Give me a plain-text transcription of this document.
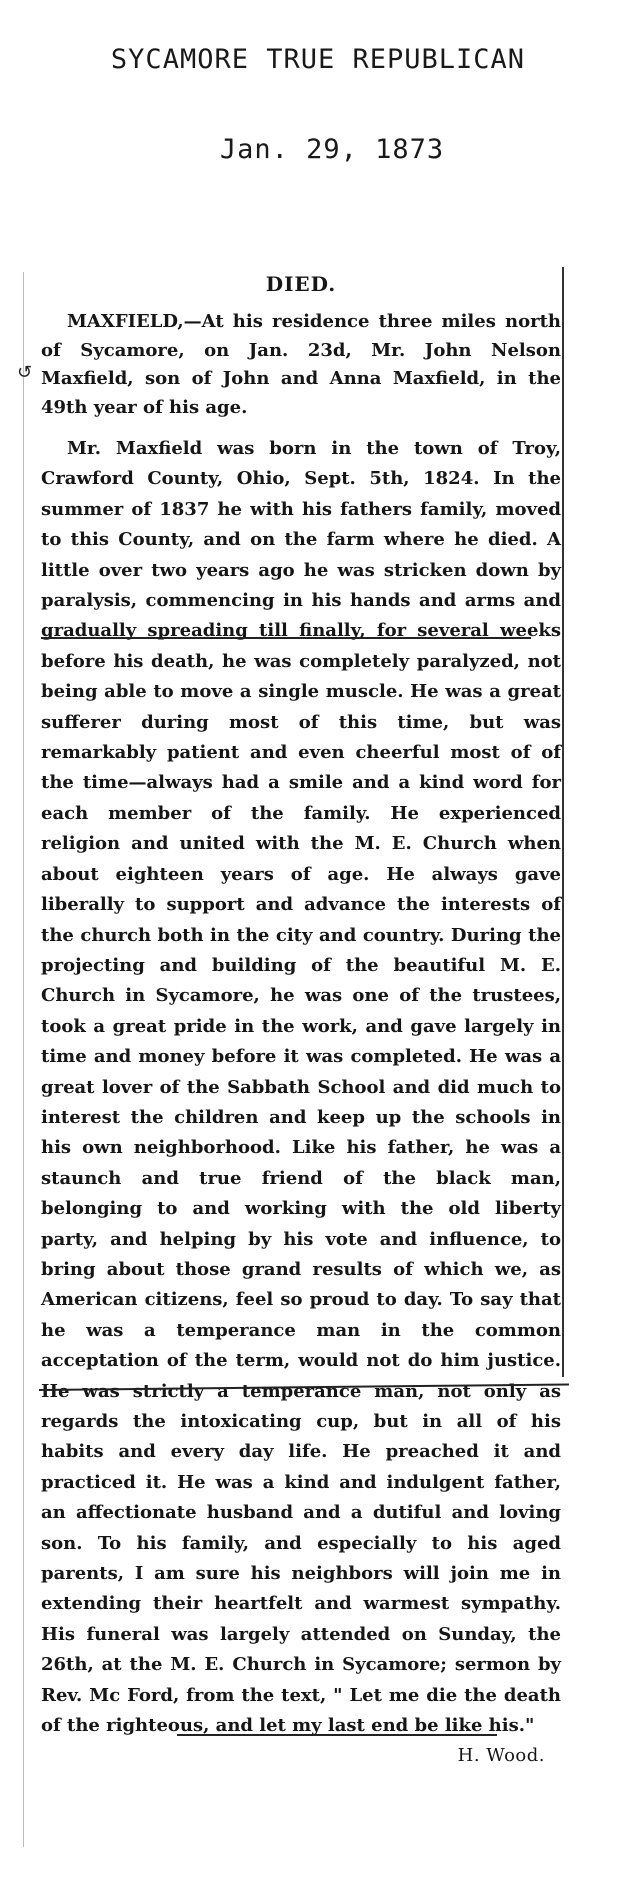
SYCAMORE TRUE REPUBLICAN
Jan. 29, 1873
DIED.

MAXFIELD,—At his residence three miles north of Sycamore, on Jan. 23d, Mr. John Nelson Maxfield, son of John and Anna Maxfield, in the 49th year of his age.

Mr. Maxfield was born in the town of Troy, Crawford County, Ohio, Sept. 5th, 1824. In the summer of 1837 he with his fathers family, moved to this County, and on the farm where he died. A little over two years ago he was stricken down by paralysis, commencing in his hands and arms and gradually spreading till finally, for several weeks before his death, he was completely paralyzed, not being able to move a single muscle. He was a great sufferer during most of this time, but was remarkably patient and even cheerful most of of the time—always had a smile and a kind word for each member of the family. He experienced religion and united with the M. E. Church when about eighteen years of age. He always gave liberally to support and advance the interests of the church both in the city and country. During the projecting and building of the beautiful M. E. Church in Sycamore, he was one of the trustees, took a great pride in the work, and gave largely in time and money before it was completed. He was a great lover of the Sabbath School and did much to interest the children and keep up the schools in his own neighborhood. Like his father, he was a staunch and true friend of the black man, belonging to and working with the old liberty party, and helping by his vote and influence, to bring about those grand results of which we, as American citizens, feel so proud to day. To say that he was a temperance man in the common acceptation of the term, would not do him justice. He was strictly a temperance man, not only as regards the intoxicating cup, but in all of his habits and every day life. He preached it and practiced it. He was a kind and indulgent father, an affectionate husband and a dutiful and loving son. To his family, and especially to his aged parents, I am sure his neighbors will join me in extending their heartfelt and warmest sympathy. His funeral was largely attended on Sunday, the 26th, at the M. E. Church in Sycamore; sermon by Rev. Mc Ford, from the text, " Let me die the death of the righteous, and let my last end be like his."

H. Wood.
↺
